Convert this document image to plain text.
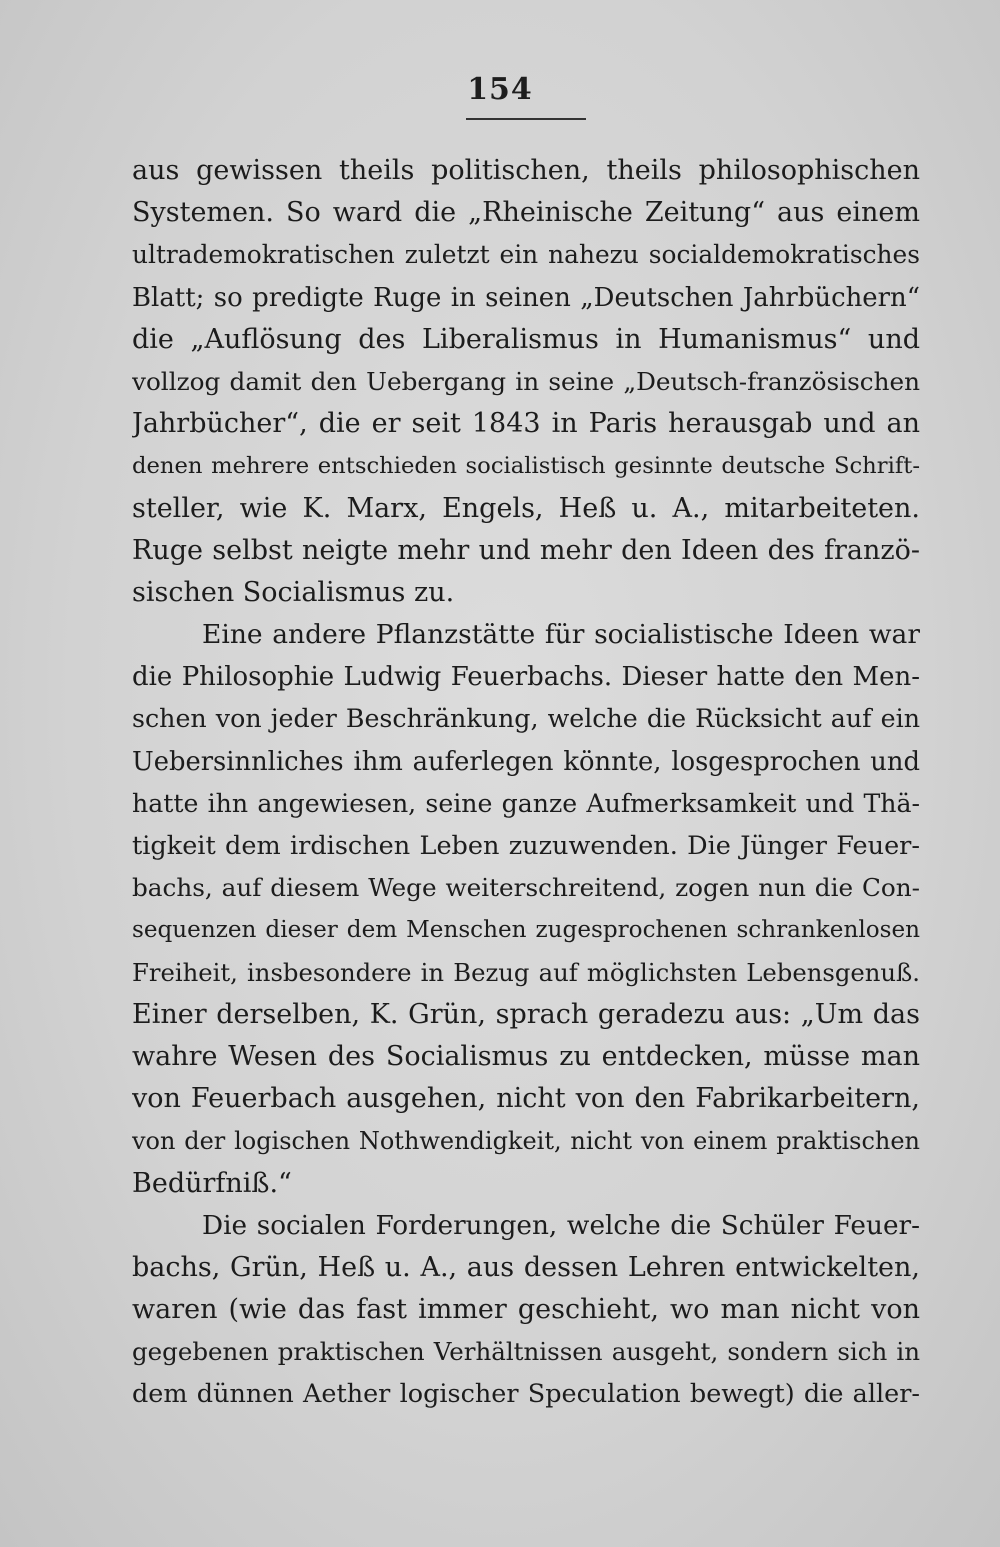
154
aus gewissen theils politischen, theils philosophischen
Systemen. So ward die „Rheinische Zeitung“ aus einem
ultrademokratischen zuletzt ein nahezu socialdemokratisches
Blatt; so predigte Ruge in seinen „Deutschen Jahrbüchern“
die „Auflösung des Liberalismus in Humanismus“ und
vollzog damit den Uebergang in seine „Deutsch-französischen
Jahrbücher“, die er seit 1843 in Paris herausgab und an
denen mehrere entschieden socialistisch gesinnte deutsche Schrift-
steller, wie K. Marx, Engels, Heß u. A., mitarbeiteten.
Ruge selbst neigte mehr und mehr den Ideen des franzö-
sischen Socialismus zu.
Eine andere Pflanzstätte für socialistische Ideen war
die Philosophie Ludwig Feuerbachs. Dieser hatte den Men-
schen von jeder Beschränkung, welche die Rücksicht auf ein
Uebersinnliches ihm auferlegen könnte, losgesprochen und
hatte ihn angewiesen, seine ganze Aufmerksamkeit und Thä-
tigkeit dem irdischen Leben zuzuwenden. Die Jünger Feuer-
bachs, auf diesem Wege weiterschreitend, zogen nun die Con-
sequenzen dieser dem Menschen zugesprochenen schrankenlosen
Freiheit, insbesondere in Bezug auf möglichsten Lebensgenuß.
Einer derselben, K. Grün, sprach geradezu aus: „Um das
wahre Wesen des Socialismus zu entdecken, müsse man
von Feuerbach ausgehen, nicht von den Fabrikarbeitern,
von der logischen Nothwendigkeit, nicht von einem praktischen
Bedürfniß.“
Die socialen Forderungen, welche die Schüler Feuer-
bachs, Grün, Heß u. A., aus dessen Lehren entwickelten,
waren (wie das fast immer geschieht, wo man nicht von
gegebenen praktischen Verhältnissen ausgeht, sondern sich in
dem dünnen Aether logischer Speculation bewegt) die aller-
